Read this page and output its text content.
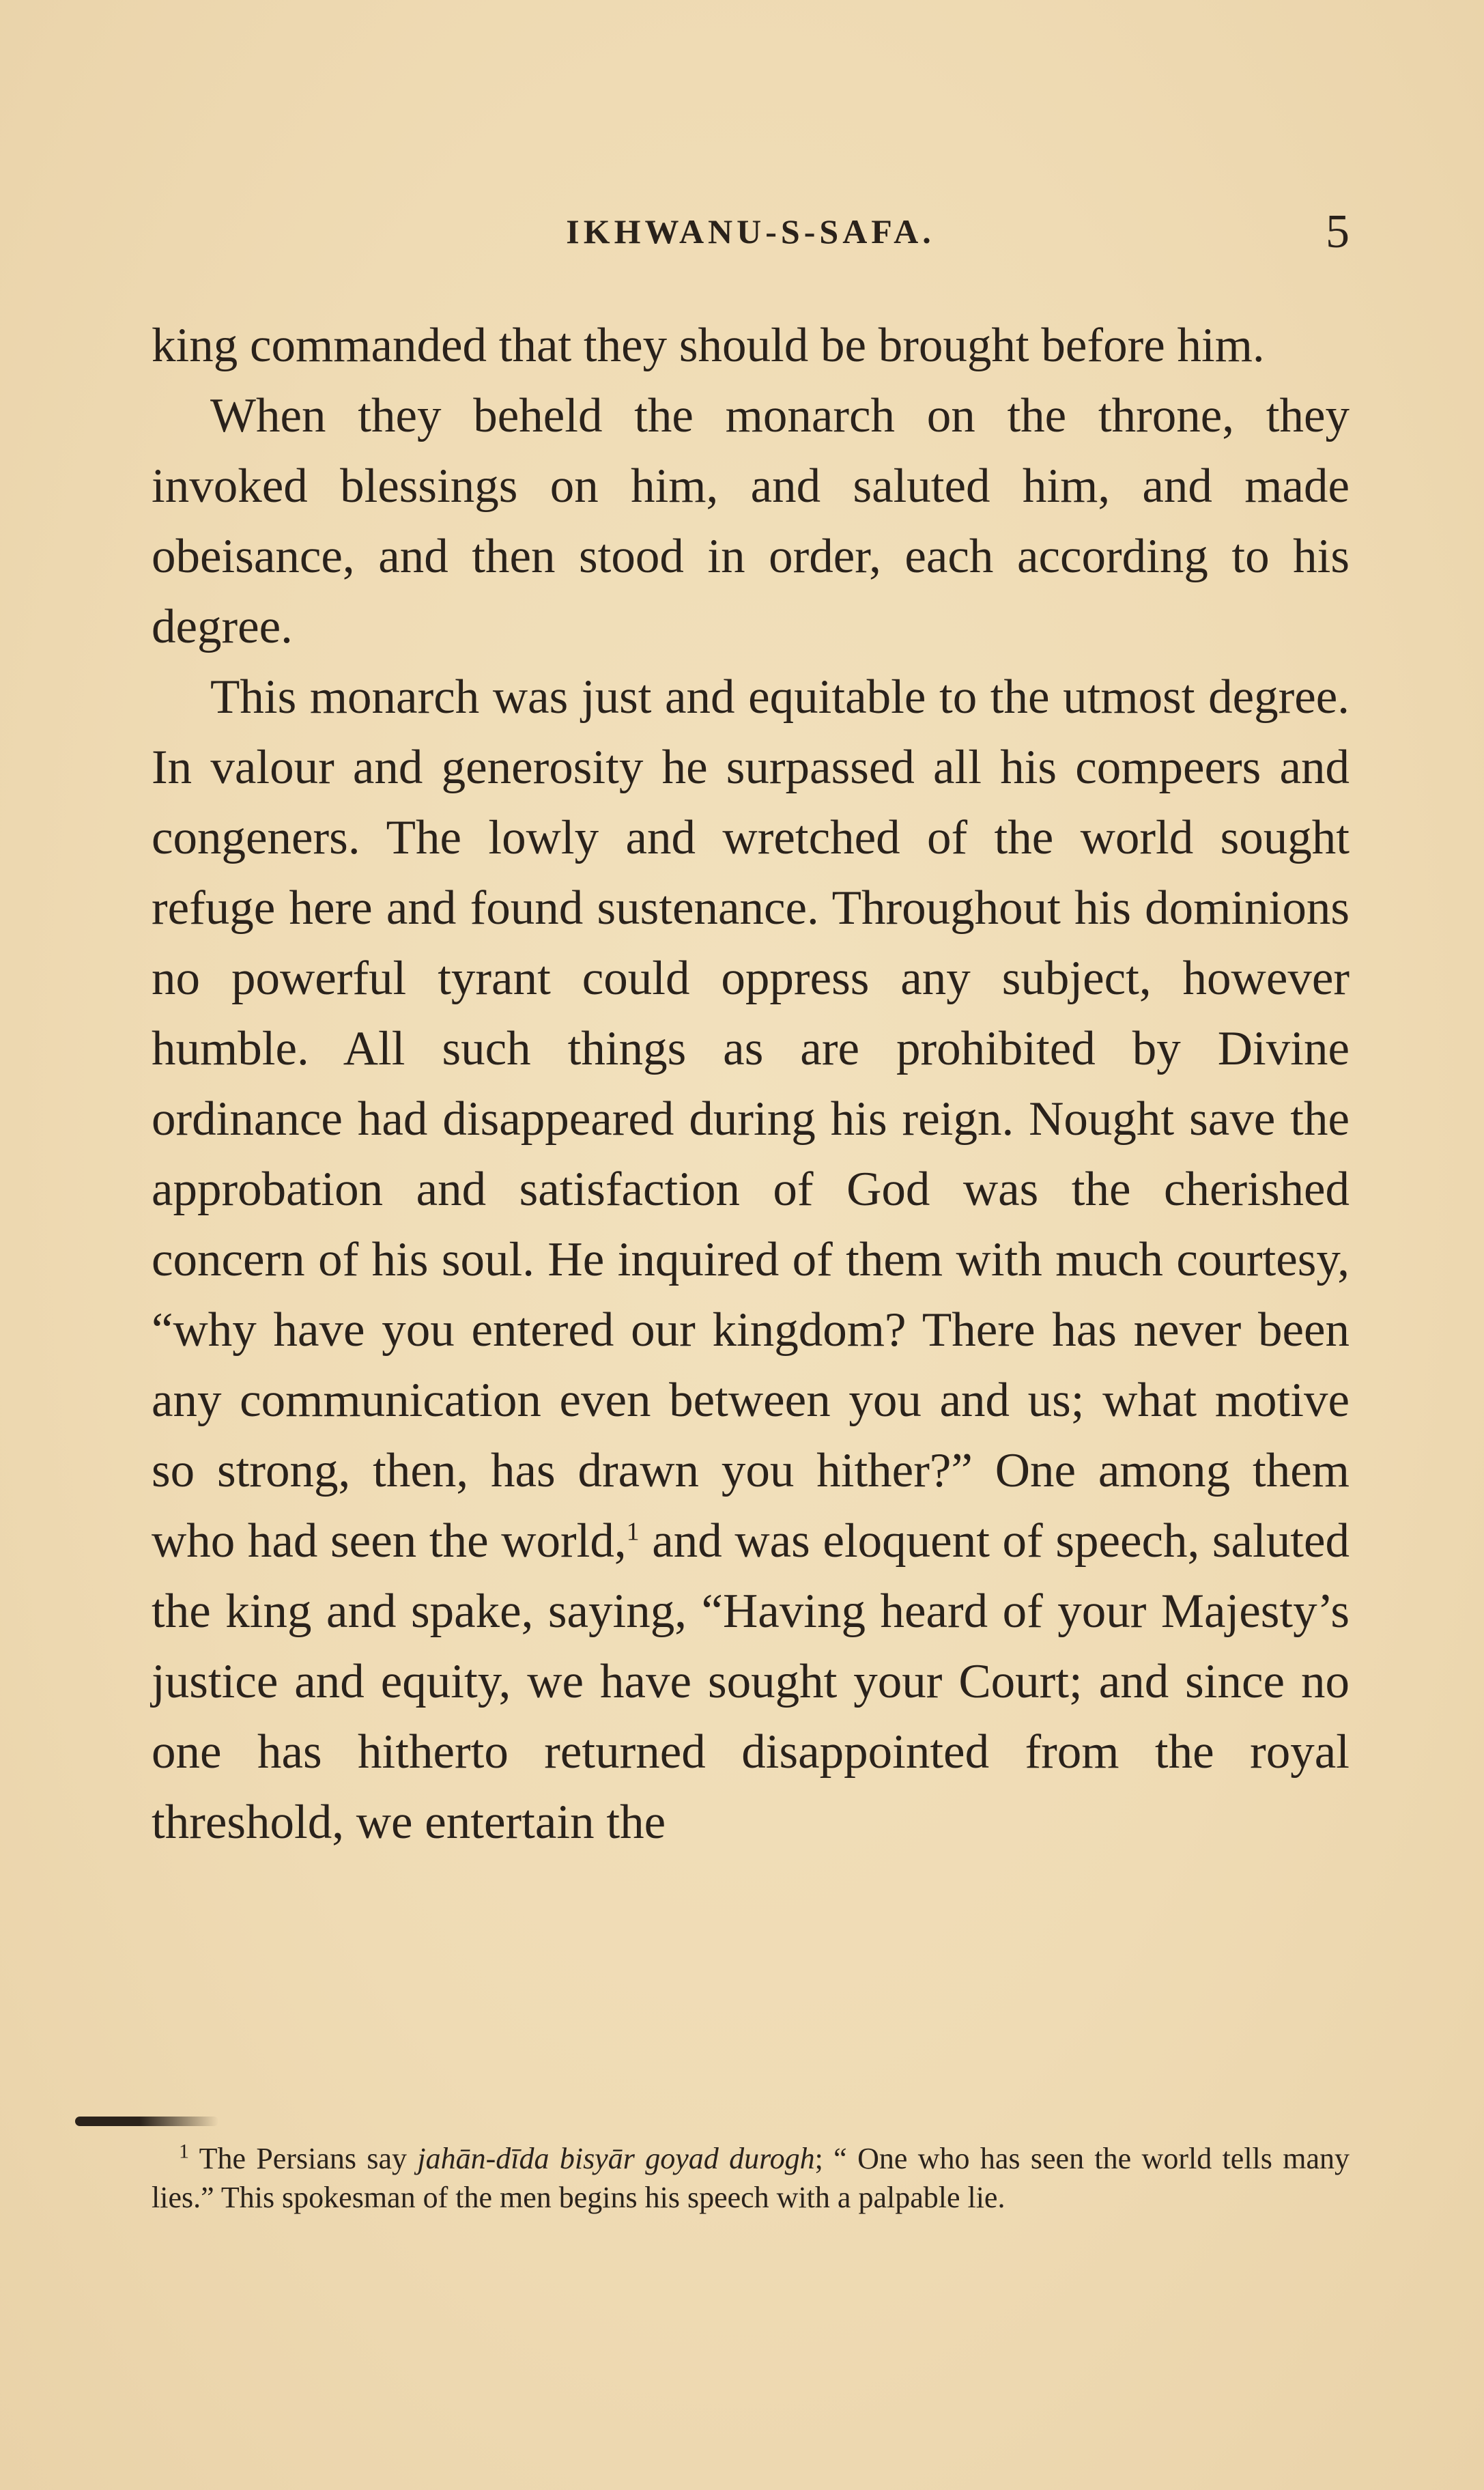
IKHWANU-S-SAFA.	5

king commanded that they should be brought before him.

When they beheld the monarch on the throne, they invoked blessings on him, and saluted him, and made obeisance, and then stood in order, each according to his degree.

This monarch was just and equitable to the utmost degree. In valour and generosity he surpassed all his compeers and congeners. The lowly and wretched of the world sought refuge here and found sustenance. Throughout his dominions no powerful tyrant could oppress any subject, however humble. All such things as are prohibited by Divine ordinance had disappeared during his reign. Nought save the approbation and satisfaction of God was the cherished concern of his soul. He inquired of them with much courtesy, “why have you entered our kingdom? There has never been any communication even between you and us; what motive so strong, then, has drawn you hither?” One among them who had seen the world,$^1$ and was eloquent of speech, saluted the king and spake, saying, “Having heard of your Majesty’s justice and equity, we have sought your Court; and since no one has hitherto returned disappointed from the royal threshold, we entertain the

$^1$ The Persians say jahān-dīda bisyār goyad durogh; “ One who has seen the world tells many lies.” This spokesman of the men begins his speech with a palpable lie.
